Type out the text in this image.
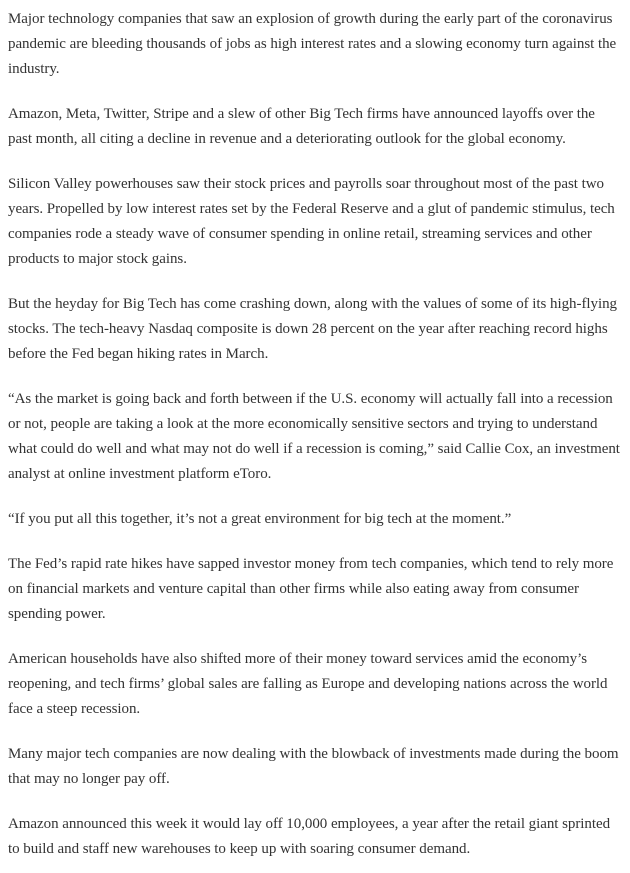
Major technology companies that saw an explosion of growth during the early part of the coronavirus pandemic are bleeding thousands of jobs as high interest rates and a slowing economy turn against the industry.

Amazon, Meta, Twitter, Stripe and a slew of other Big Tech firms have announced layoffs over the past month, all citing a decline in revenue and a deteriorating outlook for the global economy.

Silicon Valley powerhouses saw their stock prices and payrolls soar throughout most of the past two years. Propelled by low interest rates set by the Federal Reserve and a glut of pandemic stimulus, tech companies rode a steady wave of consumer spending in online retail, streaming services and other products to major stock gains.

But the heyday for Big Tech has come crashing down, along with the values of some of its high-flying stocks. The tech-heavy Nasdaq composite is down 28 percent on the year after reaching record highs before the Fed began hiking rates in March.

“As the market is going back and forth between if the U.S. economy will actually fall into a recession or not, people are taking a look at the more economically sensitive sectors and trying to understand what could do well and what may not do well if a recession is coming,” said Callie Cox, an investment analyst at online investment platform eToro.

“If you put all this together, it’s not a great environment for big tech at the moment.”

The Fed’s rapid rate hikes have sapped investor money from tech companies, which tend to rely more on financial markets and venture capital than other firms while also eating away from consumer spending power.

American households have also shifted more of their money toward services amid the economy’s reopening, and tech firms’ global sales are falling as Europe and developing nations across the world face a steep recession.

Many major tech companies are now dealing with the blowback of investments made during the boom that may no longer pay off.

Amazon announced this week it would lay off 10,000 employees, a year after the retail giant sprinted to build and staff new warehouses to keep up with soaring consumer demand.
